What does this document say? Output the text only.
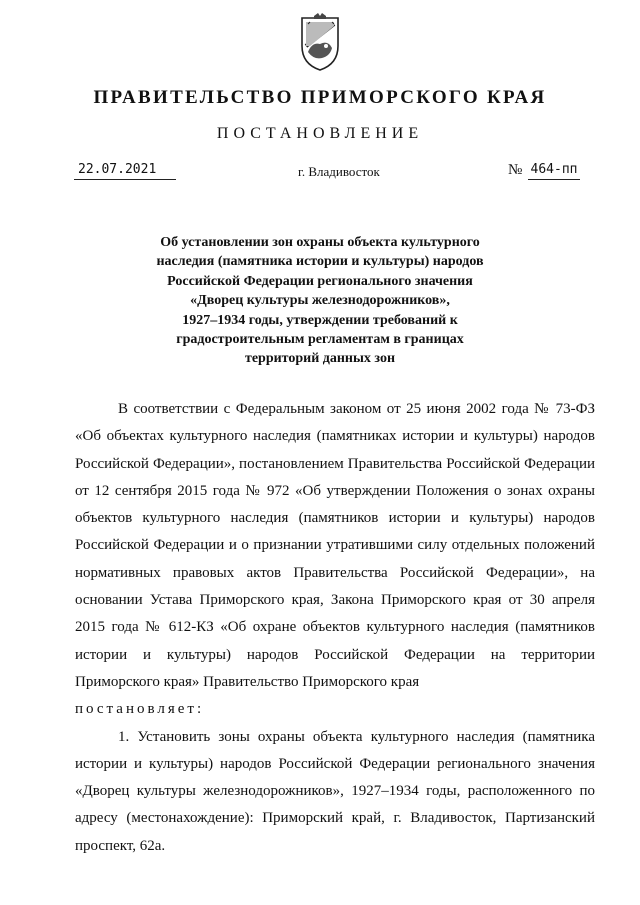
ПРАВИТЕЛЬСТВО ПРИМОРСКОГО КРАЯ
ПОСТАНОВЛЕНИЕ
22.07.2021	г. Владивосток	№ 464-пп
Об установлении зон охраны объекта культурного
наследия (памятника истории и культуры) народов
Российской Федерации регионального значения
«Дворец культуры железнодорожников»,
1927–1934 годы, утверждении требований к
градостроительным регламентам в границах
территорий данных зон

В соответствии с Федеральным законом от 25 июня 2002 года № 73-ФЗ «Об объектах культурного наследия (памятниках истории и культуры) народов Российской Федерации», постановлением Правительства Российской Федерации от 12 сентября 2015 года № 972 «Об утверждении Положения о зонах охраны объектов культурного наследия (памятников истории и культуры) народов Российской Федерации и о признании утратившими силу отдельных положений нормативных правовых актов Правительства Российской Федерации», на основании Устава Приморского края, Закона Приморского края от 30 апреля 2015 года № 612-КЗ «Об охране объектов культурного наследия (памятников истории и культуры) народов Российской Федерации на территории Приморского края» Правительство Приморского края

постановляет:

1. Установить зоны охраны объекта культурного наследия (памятника истории и культуры) народов Российской Федерации регионального значения «Дворец культуры железнодорожников», 1927–1934 годы, расположенного по адресу (местонахождение): Приморский край, г. Владивосток, Партизанский проспект, 62а.
